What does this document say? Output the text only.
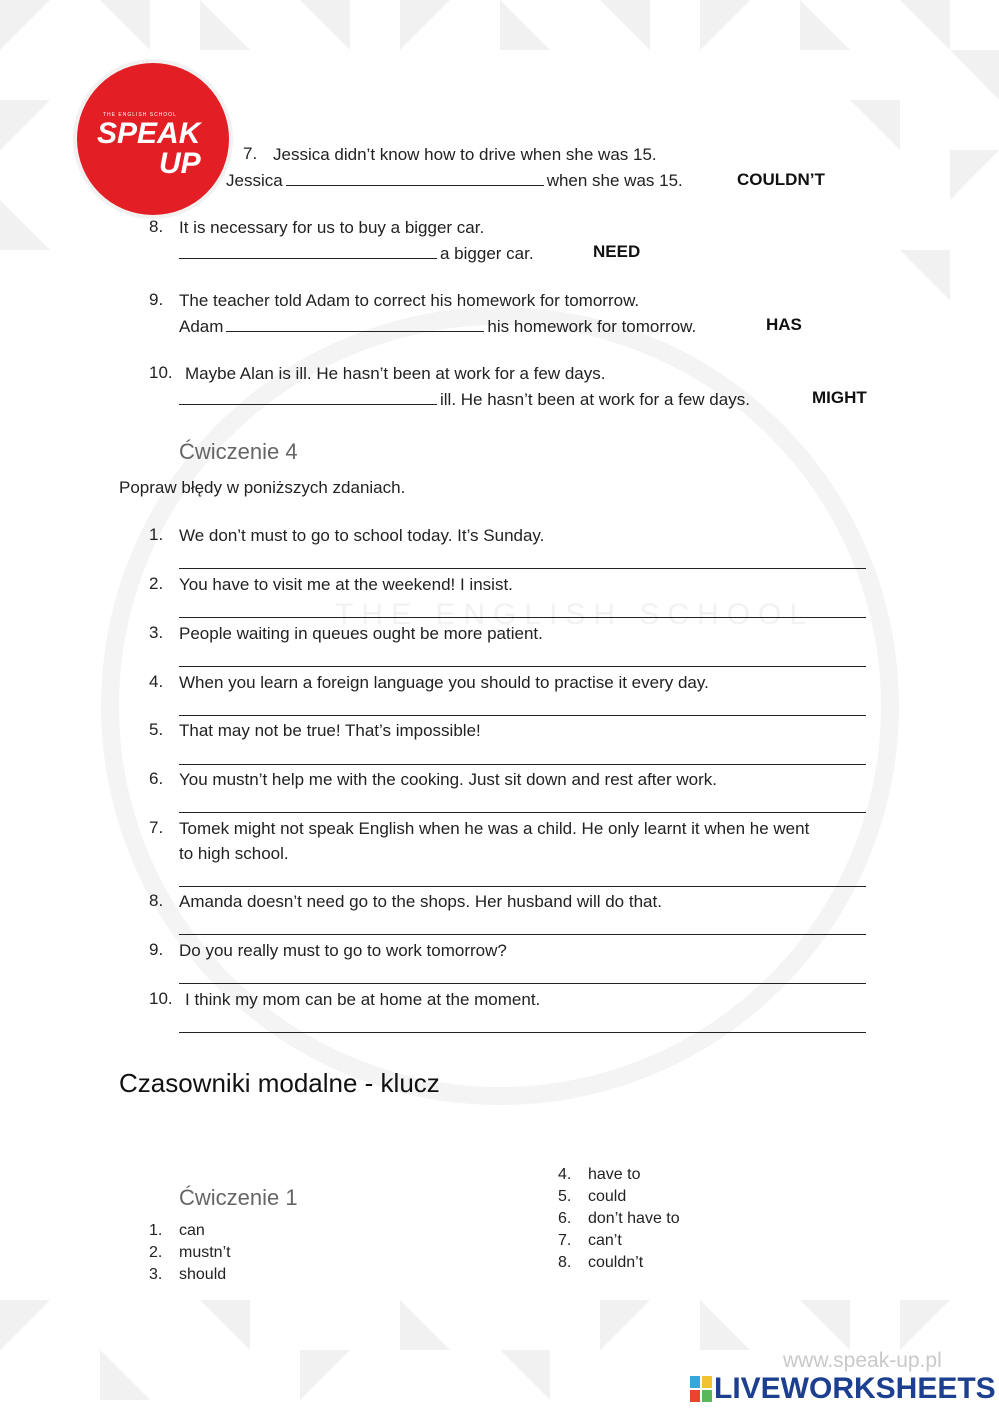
THE ENGLISH SCHOOL
SPEAK
UP
THE ENGLISH SCHOOL
7. Jessica didn’t know how to drive when she was 15.
Jessica	when she was 15.	COULDN’T
8. It is necessary for us to buy a bigger car.
a bigger car.	NEED
9. The teacher told Adam to correct his homework for tomorrow.
Adam	his homework for tomorrow.	HAS
10. Maybe Alan is ill. He hasn’t been at work for a few days.
ill. He hasn’t been at work for a few days.	MIGHT
Ćwiczenie 4
Popraw błędy w poniższych zdaniach.
1. We don’t must to go to school today. It’s Sunday.
2. You have to visit me at the weekend! I insist.
3. People waiting in queues ought be more patient.
4. When you learn a foreign language you should to practise it every day.
5. That may not be true! That’s impossible!
6. You mustn’t help me with the cooking. Just sit down and rest after work.
7. Tomek might not speak English when he was a child. He only learnt it when he went
to high school.
8. Amanda doesn’t need go to the shops. Her husband will do that.
9. Do you really must to go to work tomorrow?
10. I think my mom can be at home at the moment.
Czasowniki modalne - klucz
Ćwiczenie 1
1. can
2. mustn’t
3. should
4. have to
5. could
6. don’t have to
7. can’t
8. couldn’t
www.speak-up.pl
LIVEWORKSHEETS
